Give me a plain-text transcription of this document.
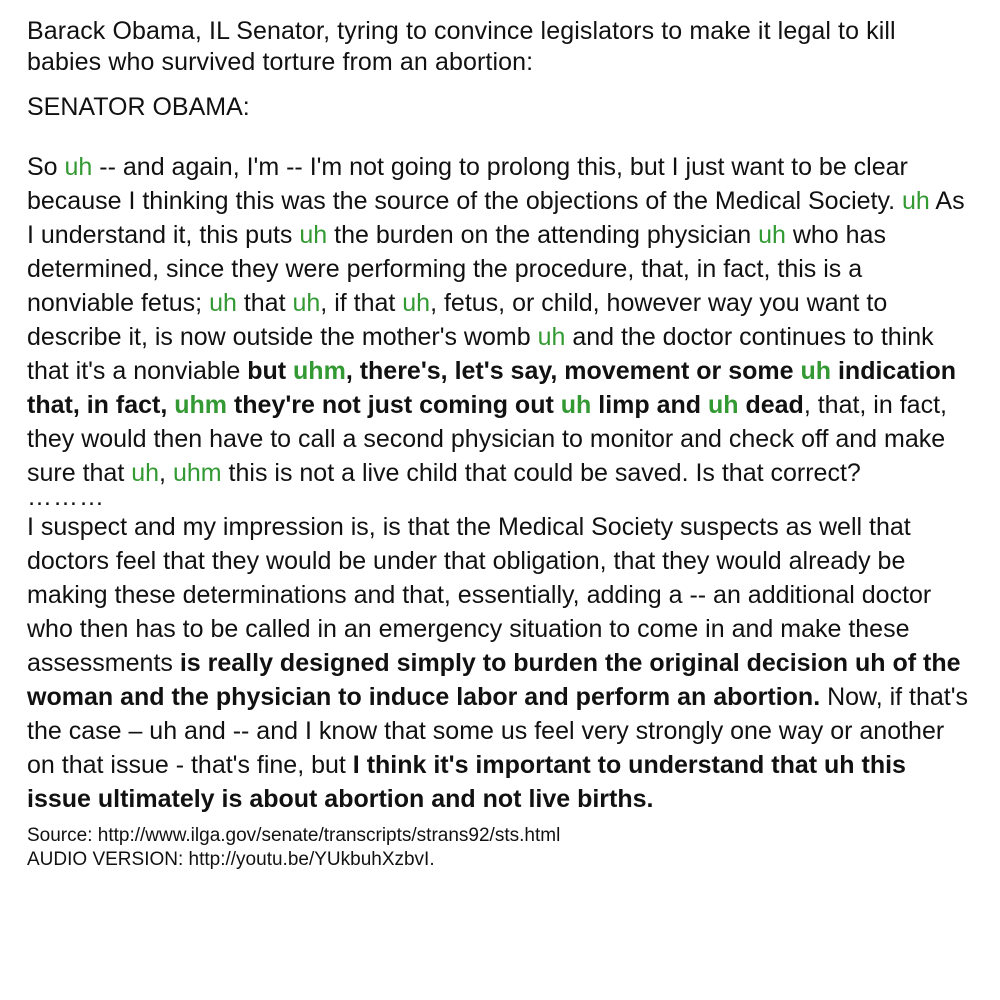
Barack Obama, IL Senator, tyring to convince legislators to make it legal to kill babies who survived torture from an abortion:

SENATOR OBAMA:

So uh -- and again, I'm -- I'm not going to prolong this, but I just want to be clear because I thinking this was the source of the objections of the Medical Society. uh As I understand it, this puts uh the burden on the attending physician uh who has determined, since they were performing the procedure, that, in fact, this is a nonviable fetus; uh that uh, if that uh, fetus, or child, however way you want to describe it, is now outside the mother's womb uh and the doctor continues to think that it's a nonviable but uhm, there's, let's say, movement or some uh indication that, in fact, uhm they're not just coming out uh limp and uh dead, that, in fact, they would then have to call a second physician to monitor and check off and make sure that uh, uhm this is not a live child that could be saved. Is that correct?

………

I suspect and my impression is, is that the Medical Society suspects as well that doctors feel that they would be under that obligation, that they would already be making these determinations and that, essentially, adding a -- an additional doctor who then has to be called in an emergency situation to come in and make these assessments is really designed simply to burden the original decision uh of the woman and the physician to induce labor and perform an abortion. Now, if that's the case – uh and -- and I know that some us feel very strongly one way or another on that issue - that's fine, but I think it's important to understand that uh this issue ultimately is about abortion and not live births.

Source: http://www.ilga.gov/senate/transcripts/strans92/sts.html
AUDIO VERSION: http://youtu.be/YUkbuhXzbvI.
